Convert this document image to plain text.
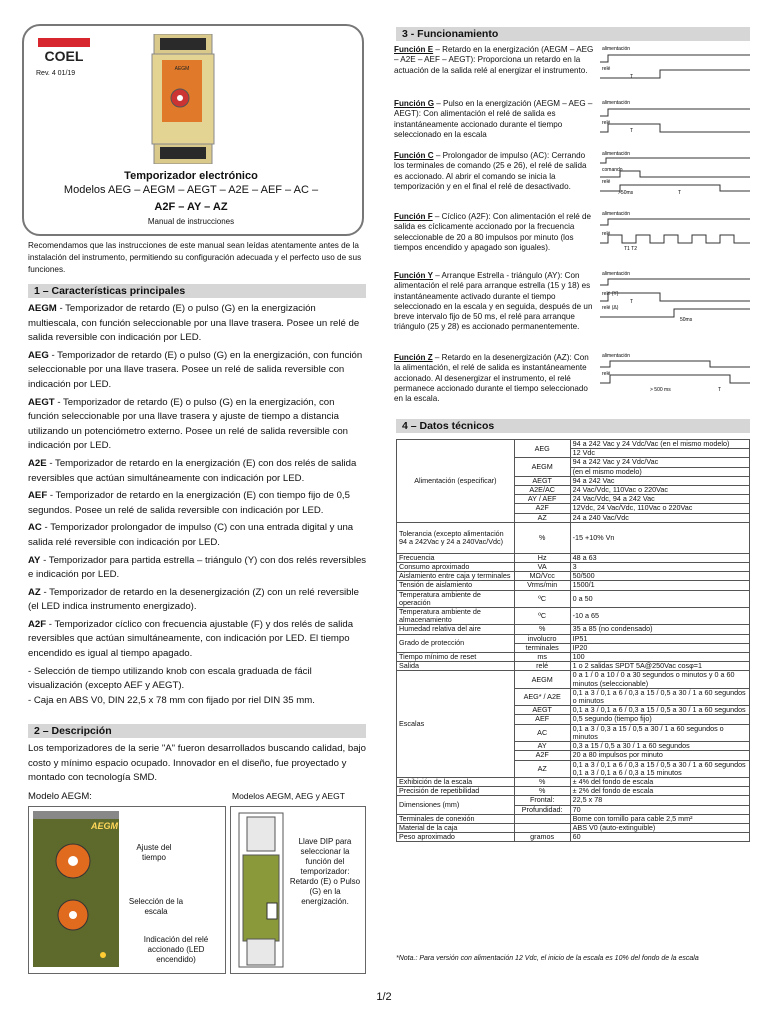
COEL
Rev. 4 01/19
AEGM
Temporizador electrónico
Modelos AEG – AEGM – AEGT – A2E – AEF – AC –
A2F – AY – AZ
Manual de instrucciones
Recomendamos que las instrucciones de este manual sean leídas atentamente antes de la instalación del instrumento, permitiendo su configuración adecuada y el perfecto uso de sus funciones.
1 – Características principales
AEGM - Temporizador de retardo (E) o pulso (G) en la energización multiescala, con función seleccionable por una llave trasera. Posee un relé de salida reversible con indicación por LED.
AEG - Temporizador de retardo (E) o pulso (G) en la energización, con función seleccionable por una llave trasera. Posee un relé de salida reversible con indicación por LED.
AEGT - Temporizador de retardo (E) o pulso (G) en la energización, con función seleccionable por una llave trasera y ajuste de tiempo a distancia utilizando un potenciómetro externo. Posee un relé de salida reversible con indicación por LED.
A2E - Temporizador de retardo en la energización (E) con dos relés de salida reversibles que actúan simultáneamente con indicación por LED.
AEF - Temporizador de retardo en la energización (E) con tiempo fijo de 0,5 segundos. Posee un relé de salida reversible con indicación por LED.
AC - Temporizador prolongador de impulso (C) con una entrada digital y una salida relé reversible con indicación por LED.
AY - Temporizador para partida estrella – triángulo (Y) con dos relés reversibles e indicación por LED.
AZ - Temporizador de retardo en la desenergización (Z) con un relé reversible (el LED indica instrumento energizado).
A2F - Temporizador cíclico con frecuencia ajustable (F) y dos relés de salida reversibles que actúan simultáneamente, con indicación por LED. El tiempo encendido es igual al tiempo apagado.
- Selección de tiempo utilizando knob con escala graduada de fácil visualización (excepto AEF y AEGT).
- Caja en ABS V0, DIN 22,5 x 78 mm con fijado por riel DIN 35 mm.
2 – Descripción
Los temporizadores de la serie "A" fueron desarrollados buscando calidad, bajo costo y mínimo espacio ocupado. Innovador en el diseño, fue proyectado y montado con tecnología SMD.
Modelo AEGM:	Modelos AEGM, AEG y AEGT
AEGM
Ajuste del tiempo
Selección de la escala
Indicación del relé accionado (LED encendido)
Llave DIP para seleccionar la función del temporizador: Retardo (E) o Pulso (G) en la energización.
3 - Funcionamiento
Función E – Retardo en la energización (AEGM – AEG – A2E – AEF – AEGT): Proporciona un retardo en la actuación de la salida relé al energizar el instrumento.
alimentación
relé
T
Función G – Pulso en la energización (AEGM – AEG – AEGT): Con alimentación el relé de salida es instantáneamente accionado durante el tiempo seleccionado en la escala
alimentación
relé
T
Función C – Prolongador de impulso (AC): Cerrando los terminales de comando (25 e 26), el relé de salida es accionado. Al abrir el comando se inicia la temporización y en el final el relé de desactivado.
alimentación
comando
relé
>50ms	T
Función F – Cíclico (A2F): Con alimentación el relé de salida es cíclicamente accionado por la frecuencia seleccionable de 20 a 80 impulsos por minuto (los tiempos encendido y apagado son iguales).
alimentación
relé
T1 T2
Función Y – Arranque Estrella - triángulo (AY): Con alimentación el relé para arranque estrella (15 y 18) es instantáneamente activado durante el tiempo seleccionado en la escala y en seguida, después de un breve intervalo fijo de 50 ms, el relé para arranque triángulo (25 y 28) es accionado permanentemente.
alimentación
relé (Y)
T
relé (Δ)
50ms
Función Z – Retardo en la desenergización (AZ): Con la alimentación, el relé de salida es instantáneamente accionado. Al desenergizar el instrumento, el relé permanece accionado durante el tiempo seleccionado en la escala.
alimentación
relé
> 500 ms	T
4 – Datos técnicos
Alimentación (especificar)	AEG	94 a 242 Vac y 24 Vdc/Vac (en el mismo modelo)
		12 Vdc
	AEGM	94 a 242 Vac y 24 Vdc/Vac
		(en el mismo modelo)
	AEGT	94 a 242 Vac
	A2E/AC	24 Vac/Vdc, 110Vac o 220Vac
	AY / AEF	24 Vac/Vdc, 94 a 242 Vac
	A2F	12Vdc, 24 Vac/Vdc, 110Vac o 220Vac
	AZ	24 a 240 Vac/Vdc
Tolerancia (excepto alimentación 94 a 242Vac y 24 a 240Vac/Vdc)	%	-15 +10% Vn
Frecuencia	Hz	48 a 63
Consumo aproximado	VA	3
Aislamiento entre caja y terminales	MΩ/Vcc	50/500
Tensión de aislamiento	Vrms/min	1500/1
Temperatura ambiente de operación	ºC	0 a 50
Temperatura ambiente de almacenamiento	ºC	-10 a 65
Humedad relativa del aire	%	35 a 85 (no condensado)
Grado de protección	involucro	IP51
	terminales	IP20
Tiempo mínimo de reset	ms	100
Salida	relé	1 o 2 salidas SPDT 5A@250Vac cosφ=1
Escalas	AEGM	0 a 1 / 0 a 10 / 0 a 30 segundos o minutos y 0 a 60 minutos (seleccionable)
	AEG* / A2E	0,1 a 3 / 0,1 a 6 / 0,3 a 15 / 0,5 a 30 / 1 a 60 segundos o minutos
	AEGT	0,1 a 3 / 0,1 a 6 / 0,3 a 15 / 0,5 a 30 / 1 a 60 segundos
	AEF	0,5 segundo (tiempo fijo)
	AC	0,1 a 3 / 0,3 a 15 / 0,5 a 30 / 1 a 60 segundos o minutos
	AY	0,3 a 15 / 0,5 a 30 / 1 a 60 segundos
	A2F	20 a 80 impulsos por minuto
	AZ	0,1 a 3 / 0,1 a 6 / 0,3 a 15 / 0,5 a 30 / 1 a 60 segundos 0,1 a 3 / 0,1 a 6 / 0,3 a 15 minutos
Exhibición de la escala	%	± 4% del fondo de escala
Precisión de repetibilidad	%	± 2% del fondo de escala
Dimensiones (mm)	Frontal:	22,5 x 78
	Profundidad:	70
Terminales de conexión		Borne con tornillo para cable 2,5 mm²
Material de la caja		ABS V0 (auto-extinguible)
Peso aproximado	gramos	60
*Nota.: Para versión con alimentación 12 Vdc, el inicio de la escala es 10% del fondo de la escala
1/2
